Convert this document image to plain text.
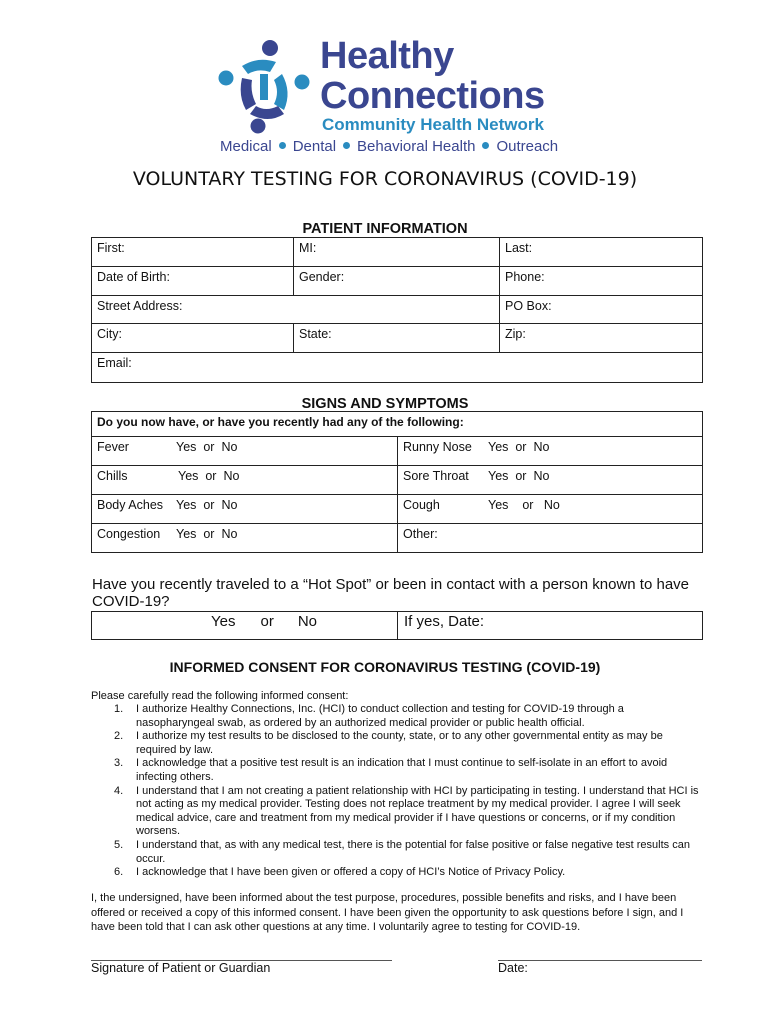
Healthy
Connections
Community Health Network
Medical Dental Behavioral Health Outreach
VOLUNTARY TESTING FOR CORONAVIRUS (COVID-19)
PATIENT INFORMATION
First:	MI:	Last:
Date of Birth:	Gender:	Phone:
Street Address:		PO Box:
City:	State:	Zip:
Email:		
SIGNS AND SYMPTOMS
Do you now have, or have you recently had any of the following:	
Fever Yes or No	Runny Nose Yes or No
Chills Yes or No	Sore Throat Yes or No
Body Aches Yes or No	Cough Yes or No
Congestion Yes or No	Other:
Have you recently traveled to a “Hot Spot” or been in contact with a person known to have COVID-19?
Yes or No	If yes, Date:
INFORMED CONSENT FOR CORONAVIRUS TESTING (COVID-19)
Please carefully read the following informed consent:
1. I authorize Healthy Connections, Inc. (HCI) to conduct collection and testing for COVID-19 through a nasopharyngeal swab, as ordered by an authorized medical provider or public health official.
2. I authorize my test results to be disclosed to the county, state, or to any other governmental entity as may be required by law.
3. I acknowledge that a positive test result is an indication that I must continue to self-isolate in an effort to avoid infecting others.
4. I understand that I am not creating a patient relationship with HCI by participating in testing. I understand that HCI is not acting as my medical provider. Testing does not replace treatment by my medical provider. I agree I will seek medical advice, care and treatment from my medical provider if I have questions or concerns, or if my condition worsens.
5. I understand that, as with any medical test, there is the potential for false positive or false negative test results can occur.
6. I acknowledge that I have been given or offered a copy of HCI’s Notice of Privacy Policy.
I, the undersigned, have been informed about the test purpose, procedures, possible benefits and risks, and I have been offered or received a copy of this informed consent. I have been given the opportunity to ask questions before I sign, and I have been told that I can ask other questions at any time. I voluntarily agree to testing for COVID-19.
Signature of Patient or Guardian	Date:
